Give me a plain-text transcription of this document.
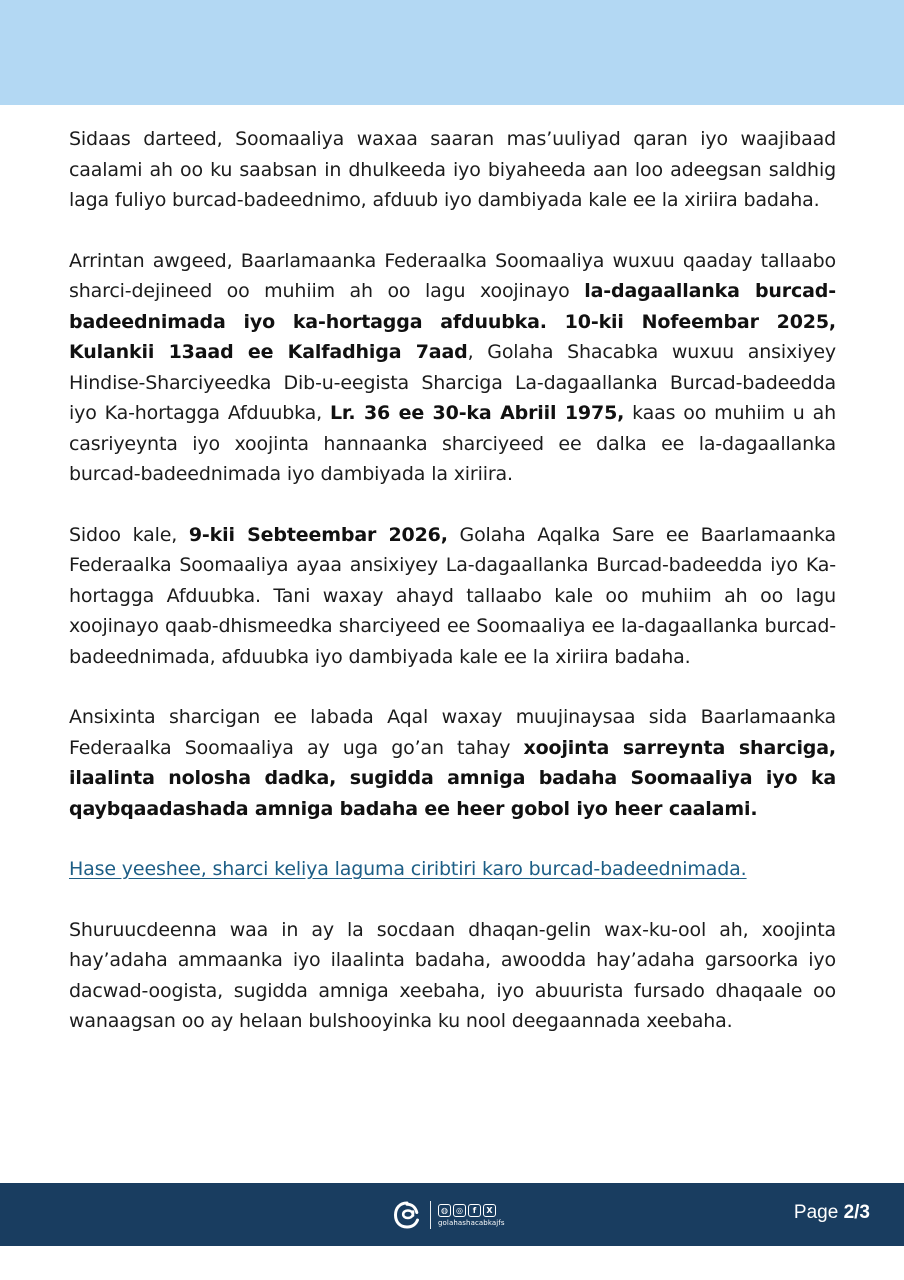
Sidaas darteed, Soomaaliya waxaa saaran mas’uuliyad qaran iyo waajibaad caalami ah oo ku saabsan in dhulkeeda iyo biyaheeda aan loo adeegsan saldhig laga fuliyo burcad-badeednimo, afduub iyo dambiyada kale ee la xiriira badaha.

Arrintan awgeed, Baarlamaanka Federaalka Soomaaliya wuxuu qaaday tallaabo sharci-dejineed oo muhiim ah oo lagu xoojinayo la-dagaallanka burcad-badeednimada iyo ka-hortagga afduubka. 10-kii Nofeembar 2025, Kulankii 13aad ee Kalfadhiga 7aad, Golaha Shacabka wuxuu ansixiyey Hindise-Sharciyeedka Dib-u-eegista Sharciga La-dagaallanka Burcad-badeedda iyo Ka-hortagga Afduubka, Lr. 36 ee 30-ka Abriil 1975, kaas oo muhiim u ah casriyeynta iyo xoojinta hannaanka sharciyeed ee dalka ee la-dagaallanka burcad-badeednimada iyo dambiyada la xiriira.

Sidoo kale, 9-kii Sebteembar 2026, Golaha Aqalka Sare ee Baarlamaanka Federaalka Soomaaliya ayaa ansixiyey La-dagaallanka Burcad-badeedda iyo Ka-hortagga Afduubka. Tani waxay ahayd tallaabo kale oo muhiim ah oo lagu xoojinayo qaab-dhismeedka sharciyeed ee Soomaaliya ee la-dagaallanka burcad-badeednimada, afduubka iyo dambiyada kale ee la xiriira badaha.

Ansixinta sharcigan ee labada Aqal waxay muujinaysaa sida Baarlamaanka Federaalka Soomaaliya ay uga go’an tahay xoojinta sarreynta sharciga, ilaalinta nolosha dadka, sugidda amniga badaha Soomaaliya iyo ka qaybqaadashada amniga badaha ee heer gobol iyo heer caalami.

Hase yeeshee, sharci keliya laguma ciribtiri karo burcad-badeednimada.

Shuruucdeenna waa in ay la socdaan dhaqan-gelin wax-ku-ool ah, xoojinta hay’adaha ammaanka iyo ilaalinta badaha, awoodda hay’adaha garsoorka iyo dacwad-oogista, sugidda amniga xeebaha, iyo abuurista fursado dhaqaale oo wanaagsan oo ay helaan bulshooyinka ku nool deegaannada xeebaha.

◍	◎	f	X
golahashacabkajfs	Page 2/3
